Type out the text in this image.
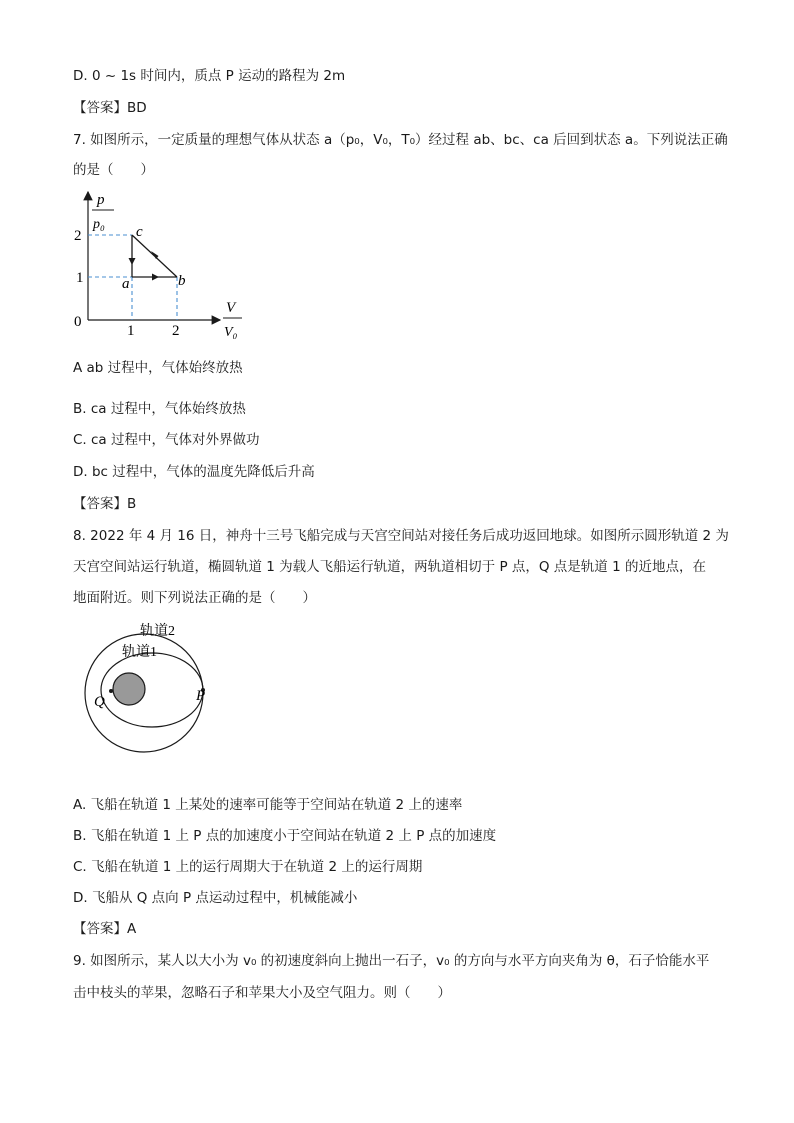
D. 0 ~ 1s 时间内，质点 P 运动的路程为 2m
【答案】BD
7. 如图所示，一定质量的理想气体从状态 a（p₀，V₀，T₀）经过程 ab、bc、ca 后回到状态 a。下列说法正确
的是（　　）
p
p₀
V
V₀
0
2
1
1	2
a	b
c
A ab 过程中，气体始终放热
B. ca 过程中，气体始终放热
C. ca 过程中，气体对外界做功
D. bc 过程中，气体的温度先降低后升高
【答案】B
8. 2022 年 4 月 16 日，神舟十三号飞船完成与天宫空间站对接任务后成功返回地球。如图所示圆形轨道 2 为
天宫空间站运行轨道，椭圆轨道 1 为载人飞船运行轨道，两轨道相切于 P 点，Q 点是轨道 1 的近地点，在
地面附近。则下列说法正确的是（　　）
轨道2
轨道1
Q	P
A. 飞船在轨道 1 上某处的速率可能等于空间站在轨道 2 上的速率
B. 飞船在轨道 1 上 P 点的加速度小于空间站在轨道 2 上 P 点的加速度
C. 飞船在轨道 1 上的运行周期大于在轨道 2 上的运行周期
D. 飞船从 Q 点向 P 点运动过程中，机械能减小
【答案】A
9. 如图所示，某人以大小为 v₀ 的初速度斜向上抛出一石子，v₀ 的方向与水平方向夹角为 θ，石子恰能水平
击中枝头的苹果，忽略石子和苹果大小及空气阻力。则（　　）
